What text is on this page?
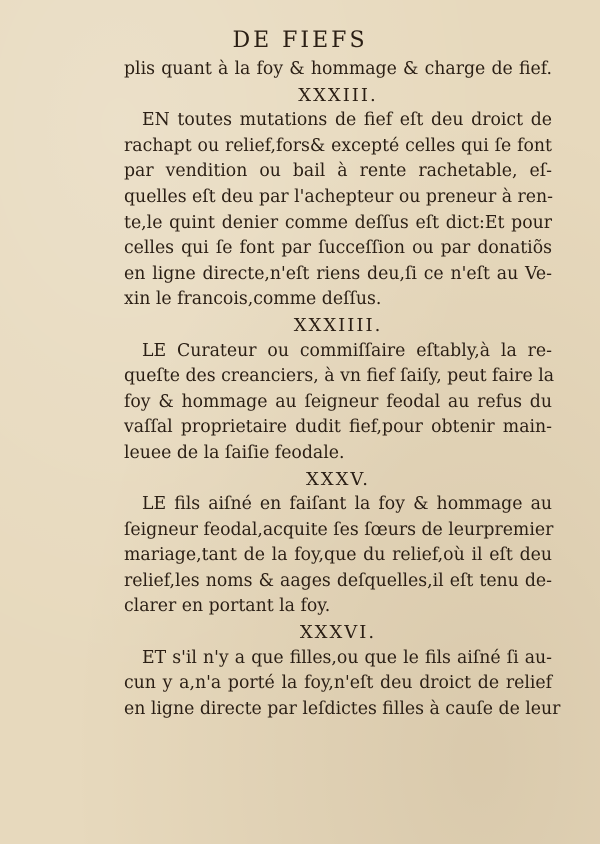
DE FIEFS
plis quant à la foy & hommage & charge de fief.
XXXIII.
EN toutes mutations de fief eſt deu droict de
rachapt ou relief,fors& excepté celles qui ſe font
par vendition ou bail à rente rachetable, eſ-
quelles eſt deu par l'achepteur ou preneur à ren-
te,le quint denier comme deſſus eſt dict:Et pour
celles qui ſe font par ſucceſſion ou par donatiõs
en ligne directe,n'eſt riens deu,ſi ce n'eſt au Ve-
xin le francois,comme deſſus.
XXXIIII.
LE Curateur ou commiſſaire eſtably,à la re-
queſte des creanciers, à vn fief ſaiſy, peut faire la
foy & hommage au ſeigneur feodal au refus du
vaſſal proprietaire dudit fief,pour obtenir main-
leuee de la ſaiſie feodale.
XXXV.
LE fils aiſné en faiſant la foy & hommage au
ſeigneur feodal,acquite ſes ſœurs de leurpremier
mariage,tant de la foy,que du relief,où il eſt deu
relief,les noms & aages deſquelles,il eſt tenu de-
clarer en portant la foy.
XXXVI.
ET s'il n'y a que filles,ou que le fils aiſné ſi au-
cun y a,n'a porté la foy,n'eſt deu droict de relief
en ligne directe par leſdictes filles à cauſe de leur
